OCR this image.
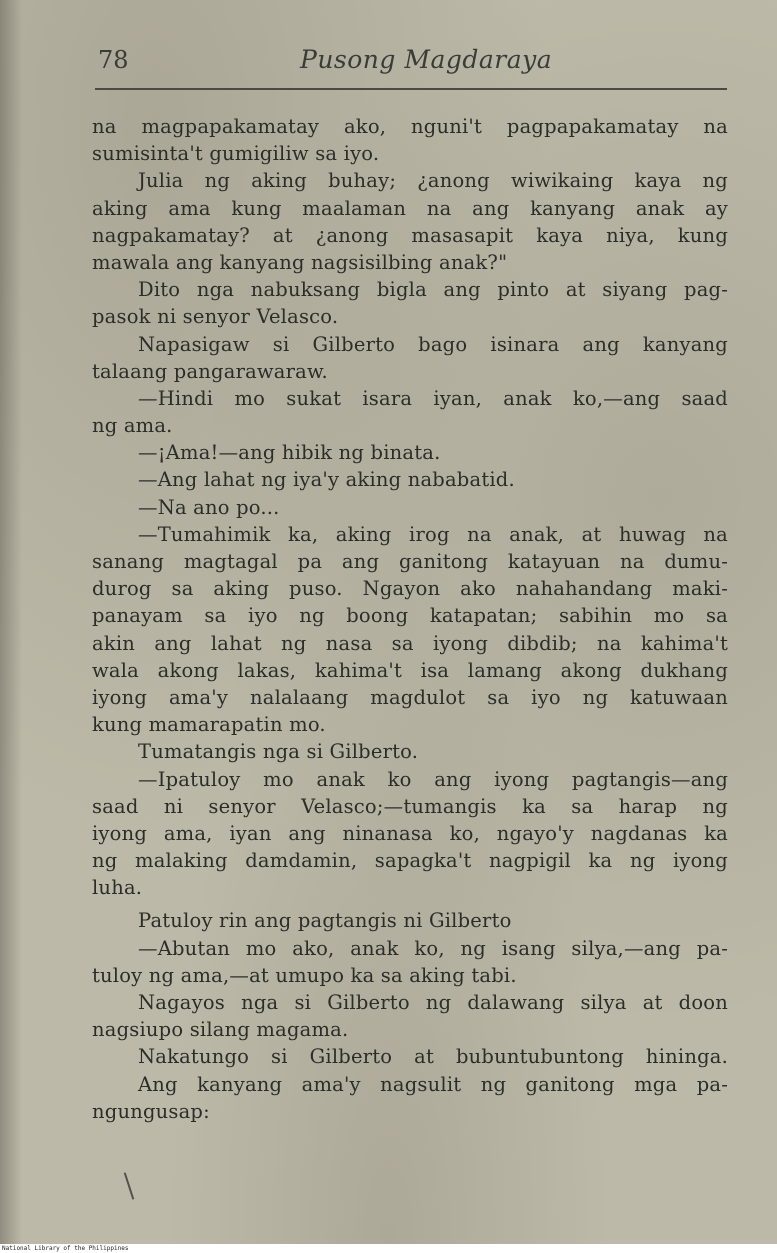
78	Pusong Magdaraya
na magpapakamatay ako, nguni't pagpapakamatay na
sumisinta't gumigiliw sa iyo.
Julia ng aking buhay; ¿anong wiwikaing kaya ng
aking ama kung maalaman na ang kanyang anak ay
nagpakamatay? at ¿anong masasapit kaya niya, kung
mawala ang kanyang nagsisilbing anak?"
Dito nga nabuksang bigla ang pinto at siyang pag-
pasok ni senyor Velasco.
Napasigaw si Gilberto bago isinara ang kanyang
talaang pangarawaraw.
—Hindi mo sukat isara iyan, anak ko,—ang saad
ng ama.
—¡Ama!—ang hibik ng binata.
—Ang lahat ng iya'y aking nababatid.
—Na ano po...
—Tumahimik ka, aking irog na anak, at huwag na
sanang magtagal pa ang ganitong katayuan na dumu-
durog sa aking puso. Ngayon ako nahahandang maki-
panayam sa iyo ng boong katapatan; sabihin mo sa
akin ang lahat ng nasa sa iyong dibdib; na kahima't
wala akong lakas, kahima't isa lamang akong dukhang
iyong ama'y nalalaang magdulot sa iyo ng katuwaan
kung mamarapatin mo.
Tumatangis nga si Gilberto.
—Ipatuloy mo anak ko ang iyong pagtangis—ang
saad ni senyor Velasco;—tumangis ka sa harap ng
iyong ama, iyan ang ninanasa ko, ngayo'y nagdanas ka
ng malaking damdamin, sapagka't nagpigil ka ng iyong
luha.
Patuloy rin ang pagtangis ni Gilberto
—Abutan mo ako, anak ko, ng isang silya,—ang pa-
tuloy ng ama,—at umupo ka sa aking tabi.
Nagayos nga si Gilberto ng dalawang silya at doon
nagsiupo silang magama.
Nakatungo si Gilberto at bubuntubuntong hininga.
Ang kanyang ama'y nagsulit ng ganitong mga pa-
ngungusap:
National Library of the Philippines
